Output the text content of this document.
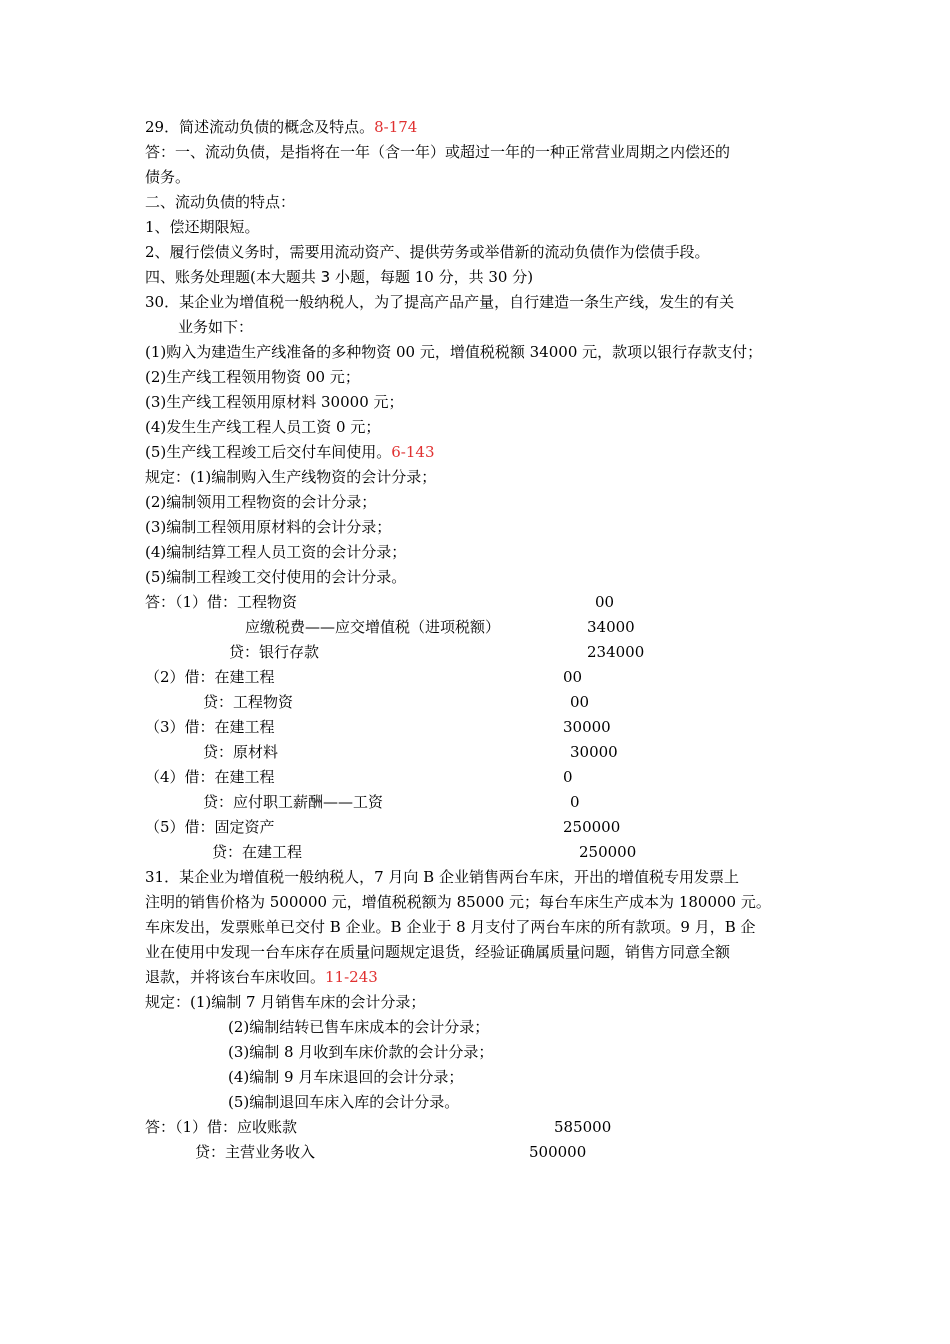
29．简述流动负债的概念及特点。8-174
答：一、流动负债，是指将在一年（含一年）或超过一年的一种正常营业周期之内偿还的
债务。
二、流动负债的特点：
1、偿还期限短。
2、履行偿债义务时，需要用流动资产、提供劳务或举借新的流动负债作为偿债手段。
四、账务处理题(本大题共 3 小题，每题 10 分，共 30 分)
30．某企业为增值税一般纳税人，为了提高产品产量，自行建造一条生产线，发生的有关
业务如下：
(1)购入为建造生产线准备的多种物资 00 元，增值税税额 34000 元，款项以银行存款支付；
(2)生产线工程领用物资 00 元；
(3)生产线工程领用原材料 30000 元；
(4)发生生产线工程人员工资 0 元；
(5)生产线工程竣工后交付车间使用。6-143
规定：(1)编制购入生产线物资的会计分录；
(2)编制领用工程物资的会计分录；
(3)编制工程领用原材料的会计分录；
(4)编制结算工程人员工资的会计分录；
(5)编制工程竣工交付使用的会计分录。
答：（1）借：工程物资	00
应缴税费——应交增值税（进项税额）	34000
贷：银行存款	234000
（2）借：在建工程	00
贷：工程物资	00
（3）借：在建工程	30000
贷：原材料	30000
（4）借：在建工程	0
贷：应付职工薪酬——工资	0
（5）借：固定资产	250000
贷：在建工程	250000
31．某企业为增值税一般纳税人，7 月向 B 企业销售两台车床，开出的增值税专用发票上
注明的销售价格为 500000 元，增值税税额为 85000 元；每台车床生产成本为 180000 元。
车床发出，发票账单已交付 B 企业。B 企业于 8 月支付了两台车床的所有款项。9 月，B 企
业在使用中发现一台车床存在质量问题规定退货，经验证确属质量问题，销售方同意全额
退款，并将该台车床收回。11-243
规定：(1)编制 7 月销售车床的会计分录；
(2)编制结转已售车床成本的会计分录；
(3)编制 8 月收到车床价款的会计分录；
(4)编制 9 月车床退回的会计分录；
(5)编制退回车床入库的会计分录。
答：（1）借：应收账款	585000
贷：主营业务收入	500000
